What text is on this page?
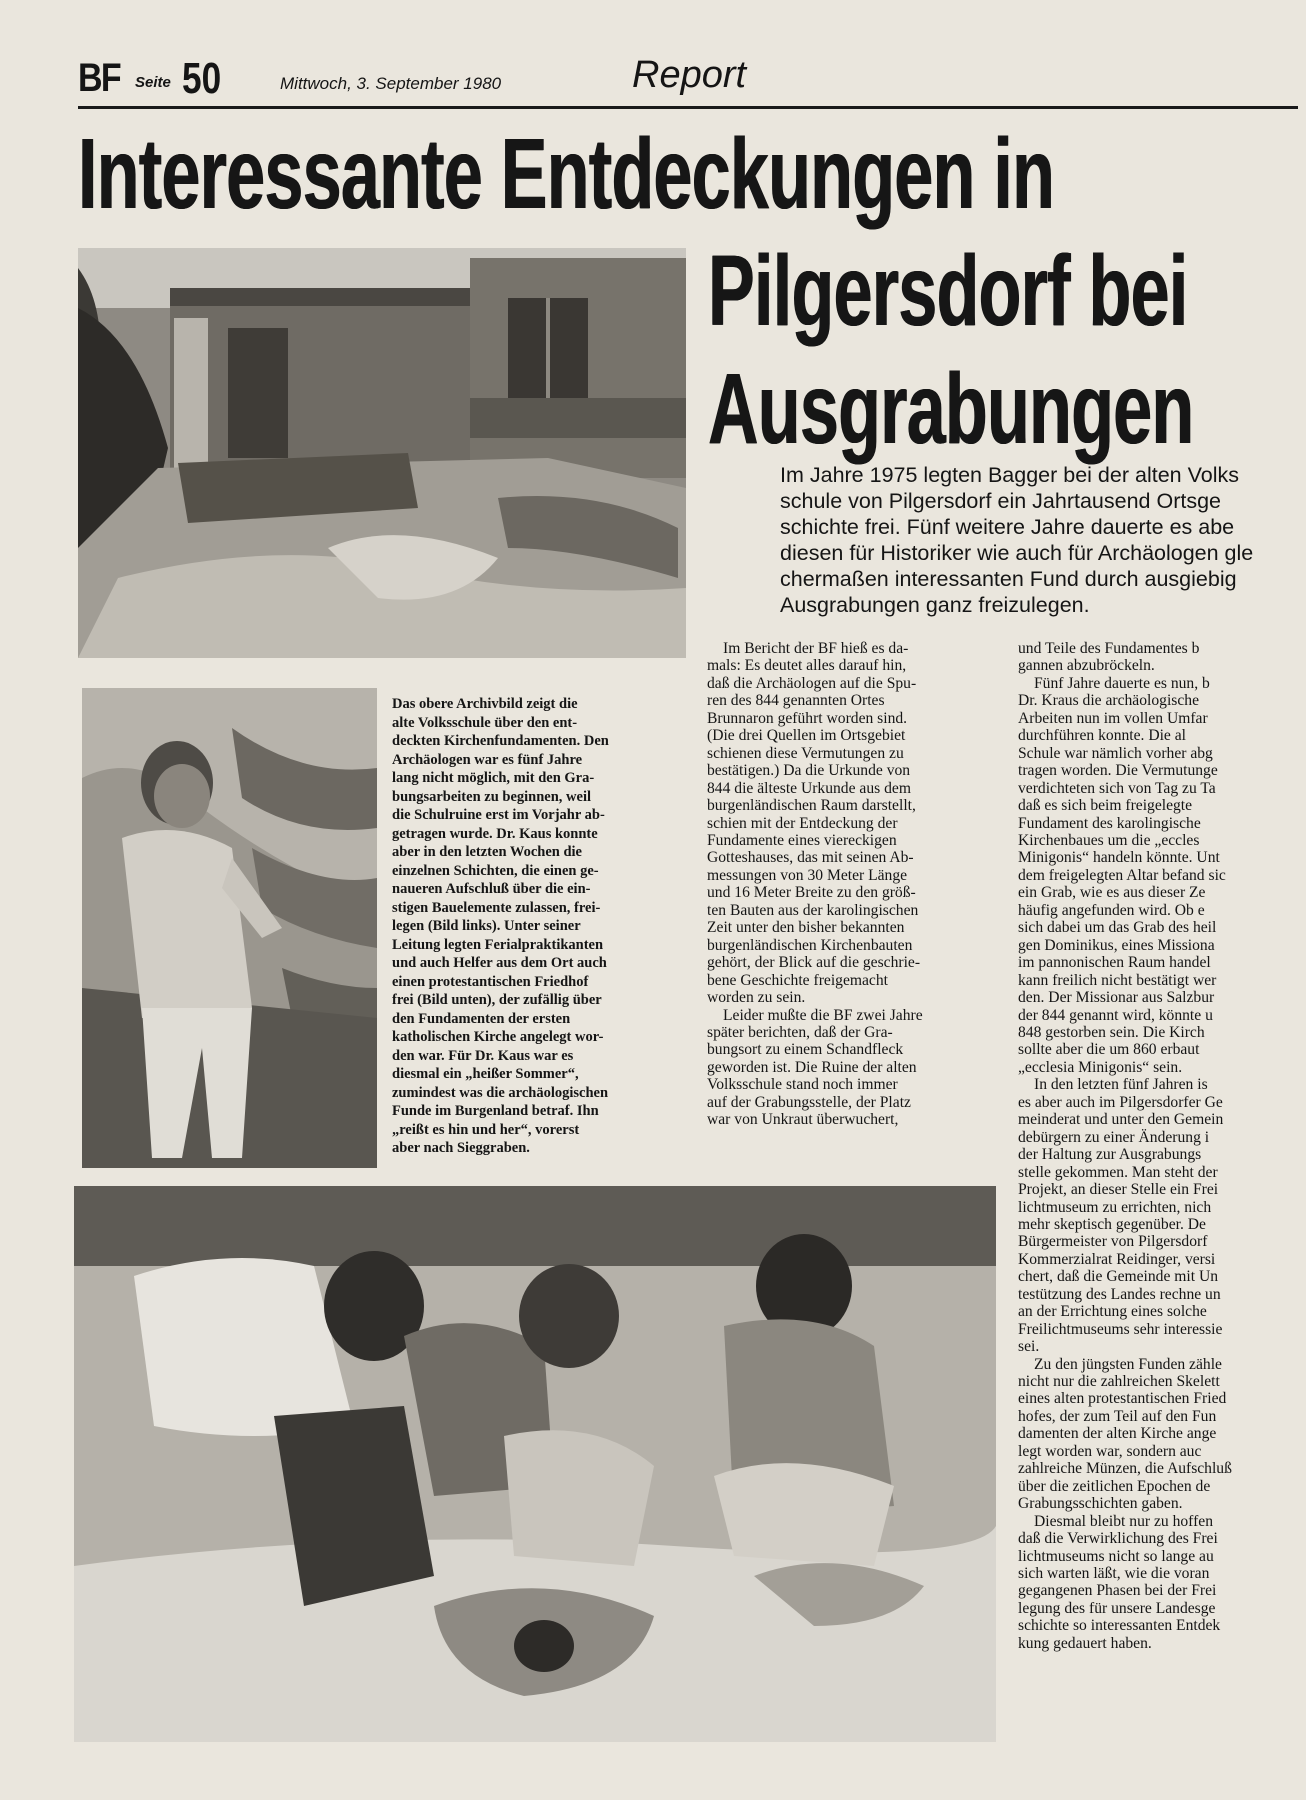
BF Seite 50	Mittwoch, 3. September 1980	Report
Interessante Entdeckungen in
Pilgersdorf bei
Ausgrabungen
Im Jahre 1975 legten Bagger bei der alten Volks
schule von Pilgersdorf ein Jahrtausend Ortsge
schichte frei. Fünf weitere Jahre dauerte es abe
diesen für Historiker wie auch für Archäologen gle
chermaßen interessanten Fund durch ausgiebig
Ausgrabungen ganz freizulegen.
Das obere Archivbild zeigt die
alte Volksschule über den ent-
deckten Kirchenfundamenten. Den
Archäologen war es fünf Jahre
lang nicht möglich, mit den Gra-
bungsarbeiten zu beginnen, weil
die Schulruine erst im Vorjahr ab-
getragen wurde. Dr. Kaus konnte
aber in den letzten Wochen die
einzelnen Schichten, die einen ge-
naueren Aufschluß über die ein-
stigen Bauelemente zulassen, frei-
legen (Bild links). Unter seiner
Leitung legten Ferialpraktikanten
und auch Helfer aus dem Ort auch
einen protestantischen Friedhof
frei (Bild unten), der zufällig über
den Fundamenten der ersten
katholischen Kirche angelegt wor-
den war. Für Dr. Kaus war es
diesmal ein „heißer Sommer“,
zumindest was die archäologischen
Funde im Burgenland betraf. Ihn
„reißt es hin und her“, vorerst
aber nach Sieggraben.
Im Bericht der BF hieß es da-
mals: Es deutet alles darauf hin,
daß die Archäologen auf die Spu-
ren des 844 genannten Ortes
Brunnaron geführt worden sind.
(Die drei Quellen im Ortsgebiet
schienen diese Vermutungen zu
bestätigen.) Da die Urkunde von
844 die älteste Urkunde aus dem
burgenländischen Raum darstellt,
schien mit der Entdeckung der
Fundamente eines viereckigen
Gotteshauses, das mit seinen Ab-
messungen von 30 Meter Länge
und 16 Meter Breite zu den größ-
ten Bauten aus der karolingischen
Zeit unter den bisher bekannten
burgenländischen Kirchenbauten
gehört, der Blick auf die geschrie-
bene Geschichte freigemacht
worden zu sein.
Leider mußte die BF zwei Jahre
später berichten, daß der Gra-
bungsort zu einem Schandfleck
geworden ist. Die Ruine der alten
Volksschule stand noch immer
auf der Grabungsstelle, der Platz
war von Unkraut überwuchert,
und Teile des Fundamentes b
gannen abzubröckeln.
Fünf Jahre dauerte es nun, b
Dr. Kraus die archäologische
Arbeiten nun im vollen Umfar
durchführen konnte. Die al
Schule war nämlich vorher abg
tragen worden. Die Vermutunge
verdichteten sich von Tag zu Ta
daß es sich beim freigelegte
Fundament des karolingische
Kirchenbaues um die „eccles
Minigonis“ handeln könnte. Unt
dem freigelegten Altar befand sic
ein Grab, wie es aus dieser Ze
häufig angefunden wird. Ob e
sich dabei um das Grab des heil
gen Dominikus, eines Missiona
im pannonischen Raum handel
kann freilich nicht bestätigt wer
den. Der Missionar aus Salzbur
der 844 genannt wird, könnte u
848 gestorben sein. Die Kirch
sollte aber die um 860 erbaut
„ecclesia Minigonis“ sein.
In den letzten fünf Jahren is
es aber auch im Pilgersdorfer Ge
meinderat und unter den Gemein
debürgern zu einer Änderung i
der Haltung zur Ausgrabungs
stelle gekommen. Man steht der
Projekt, an dieser Stelle ein Frei
lichtmuseum zu errichten, nich
mehr skeptisch gegenüber. De
Bürgermeister von Pilgersdorf
Kommerzialrat Reidinger, versi
chert, daß die Gemeinde mit Un
testützung des Landes rechne un
an der Errichtung eines solche
Freilichtmuseums sehr interessie
sei.
Zu den jüngsten Funden zähle
nicht nur die zahlreichen Skelett
eines alten protestantischen Fried
hofes, der zum Teil auf den Fun
damenten der alten Kirche ange
legt worden war, sondern auc
zahlreiche Münzen, die Aufschluß
über die zeitlichen Epochen de
Grabungsschichten gaben.
Diesmal bleibt nur zu hoffen
daß die Verwirklichung des Frei
lichtmuseums nicht so lange au
sich warten läßt, wie die voran
gegangenen Phasen bei der Frei
legung des für unsere Landesge
schichte so interessanten Entdek
kung gedauert haben.
